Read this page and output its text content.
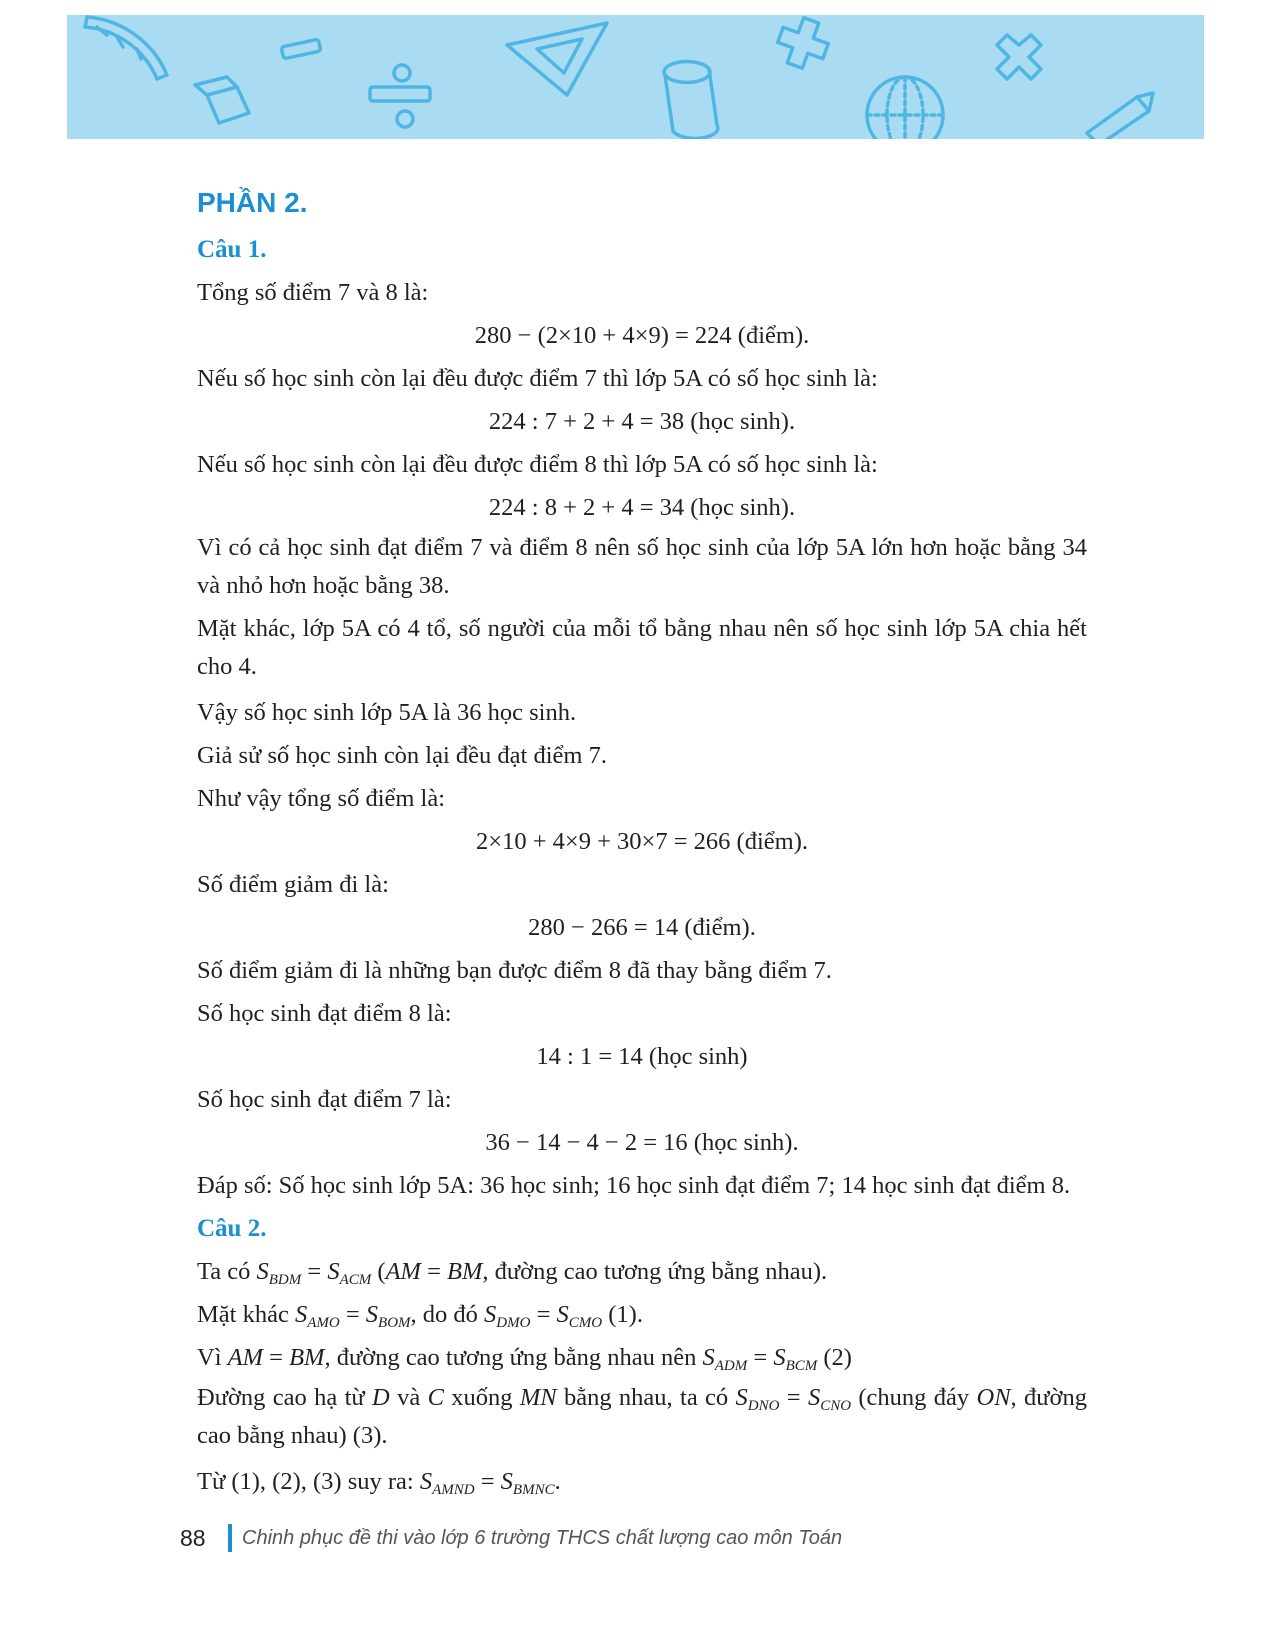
PHẦN 2.

Câu 1.

Tổng số điểm 7 và 8 là:

280 − (2×10 + 4×9) = 224 (điểm).

Nếu số học sinh còn lại đều được điểm 7 thì lớp 5A có số học sinh là:

224 : 7 + 2 + 4 = 38 (học sinh).

Nếu số học sinh còn lại đều được điểm 8 thì lớp 5A có số học sinh là:

224 : 8 + 2 + 4 = 34 (học sinh).

Vì có cả học sinh đạt điểm 7 và điểm 8 nên số học sinh của lớp 5A lớn hơn hoặc bằng 34 và nhỏ hơn hoặc bằng 38.

Mặt khác, lớp 5A có 4 tổ, số người của mỗi tổ bằng nhau nên số học sinh lớp 5A chia hết cho 4.

Vậy số học sinh lớp 5A là 36 học sinh.

Giả sử số học sinh còn lại đều đạt điểm 7.

Như vậy tổng số điểm là:

2×10 + 4×9 + 30×7 = 266 (điểm).

Số điểm giảm đi là:

280 − 266 = 14 (điểm).

Số điểm giảm đi là những bạn được điểm 8 đã thay bằng điểm 7.

Số học sinh đạt điểm 8 là:

14 : 1 = 14 (học sinh)

Số học sinh đạt điểm 7 là:

36 − 14 − 4 − 2 = 16 (học sinh).

Đáp số: Số học sinh lớp 5A: 36 học sinh; 16 học sinh đạt điểm 7; 14 học sinh đạt điểm 8.

Câu 2.

Ta có $S_{BDM} = S_{ACM}$ (AM = BM, đường cao tương ứng bằng nhau).

Mặt khác $S_{AMO} = S_{BOM}$, do đó $S_{DMO} = S_{CMO}$ (1).

Vì AM = BM, đường cao tương ứng bằng nhau nên $S_{ADM} = S_{BCM}$ (2)

Đường cao hạ từ D và C xuống MN bằng nhau, ta có $S_{DNO} = S_{CNO}$ (chung đáy ON, đường cao bằng nhau) (3).

Từ (1), (2), (3) suy ra: $S_{AMND} = S_{BMNC}$.

88 Chinh phục đề thi vào lớp 6 trường THCS chất lượng cao môn Toán
